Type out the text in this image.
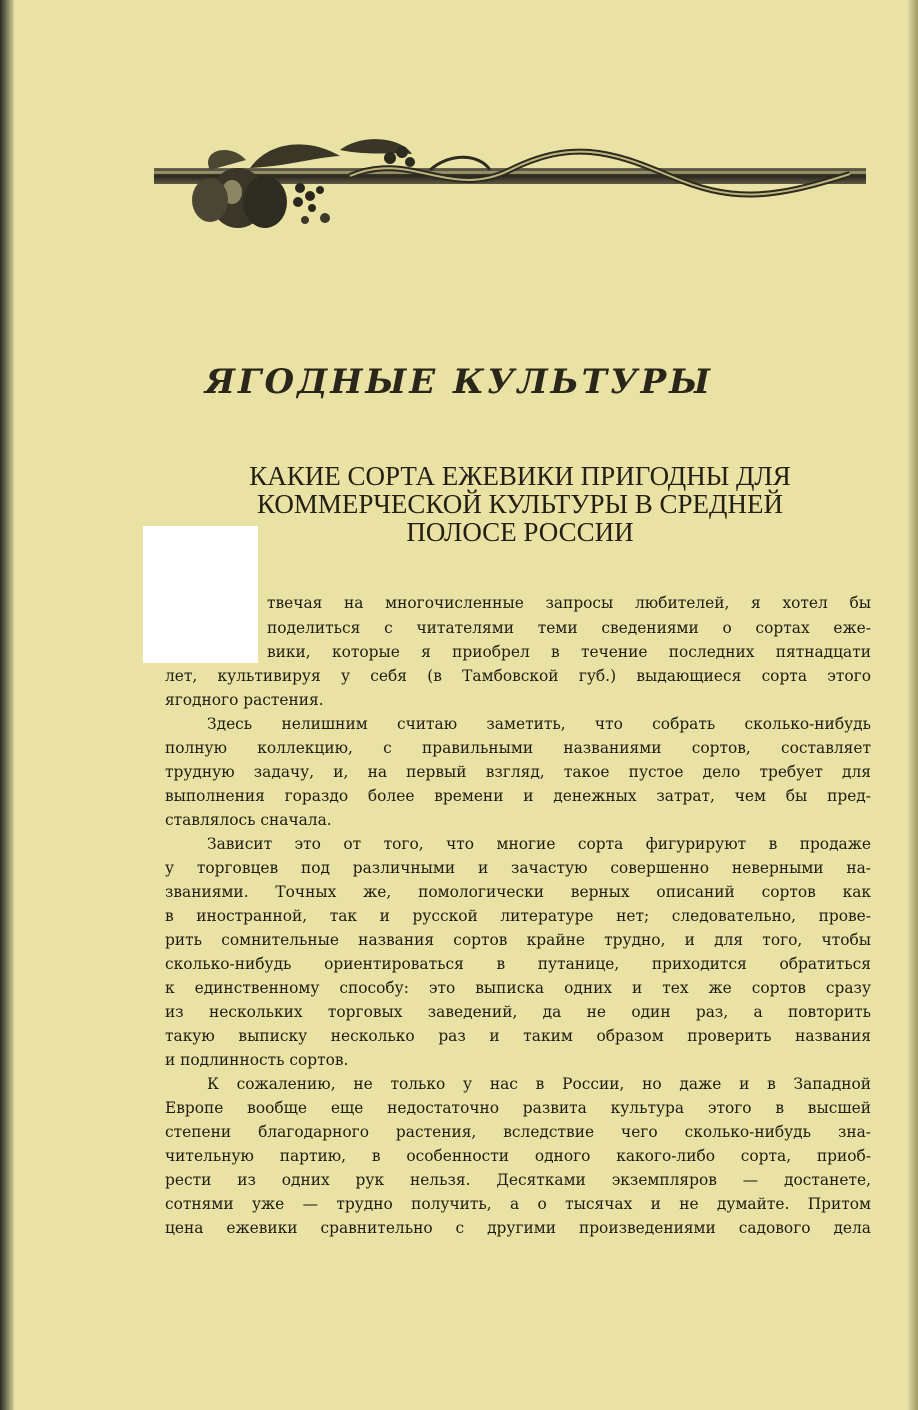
ЯГОДНЫЕ КУЛЬТУРЫ
КАКИЕ СОРТА ЕЖЕВИКИ ПРИГОДНЫ ДЛЯ
КОММЕРЧЕСКОЙ КУЛЬТУРЫ В СРЕДНЕЙ
ПОЛОСЕ РОССИИ
твечая на многочисленные запросы любителей, я хотел бы
поделиться с читателями теми сведениями о сортах ежe-
вики, которые я приобрел в течение последних пятнадцати
лет, культивируя у себя (в Тамбовской губ.) выдающиеся сорта этого
ягодного растения.
Здесь нелишним считаю заметить, что собрать сколько-нибудь
полную коллекцию, с правильными названиями сортов, составляет
трудную задачу, и, на первый взгляд, такое пустое дело требует для
выполнения гораздо более времени и денежных затрат, чем бы пред-
ставлялось сначала.
Зависит это от того, что многие сорта фигурируют в продаже
у торговцев под различными и зачастую совершенно неверными на-
званиями. Точных же, помологически верных описаний сортов как
в иностранной, так и русской литературе нет; следовательно, прове-
рить сомнительные названия сортов крайне трудно, и для того, чтобы
сколько-нибудь ориентироваться в путанице, приходится обратиться
к единственному способу: это выписка одних и тех же сортов сразу
из нескольких торговых заведений, да не один раз, а повторить
такую выписку несколько раз и таким образом проверить названия
и подлинность сортов.
К сожалению, не только у нас в России, но даже и в Западной
Европе вообще еще недостаточно развита культура этого в высшей
степени благодарного растения, вследствие чего сколько-нибудь зна-
чительную партию, в особенности одного какого-либо сорта, приоб-
рести из одних рук нельзя. Десятками экземпляров — достанете,
сотнями уже — трудно получить, а о тысячах и не думайте. Притом
цена ежевики сравнительно с другими произведениями садового дела
